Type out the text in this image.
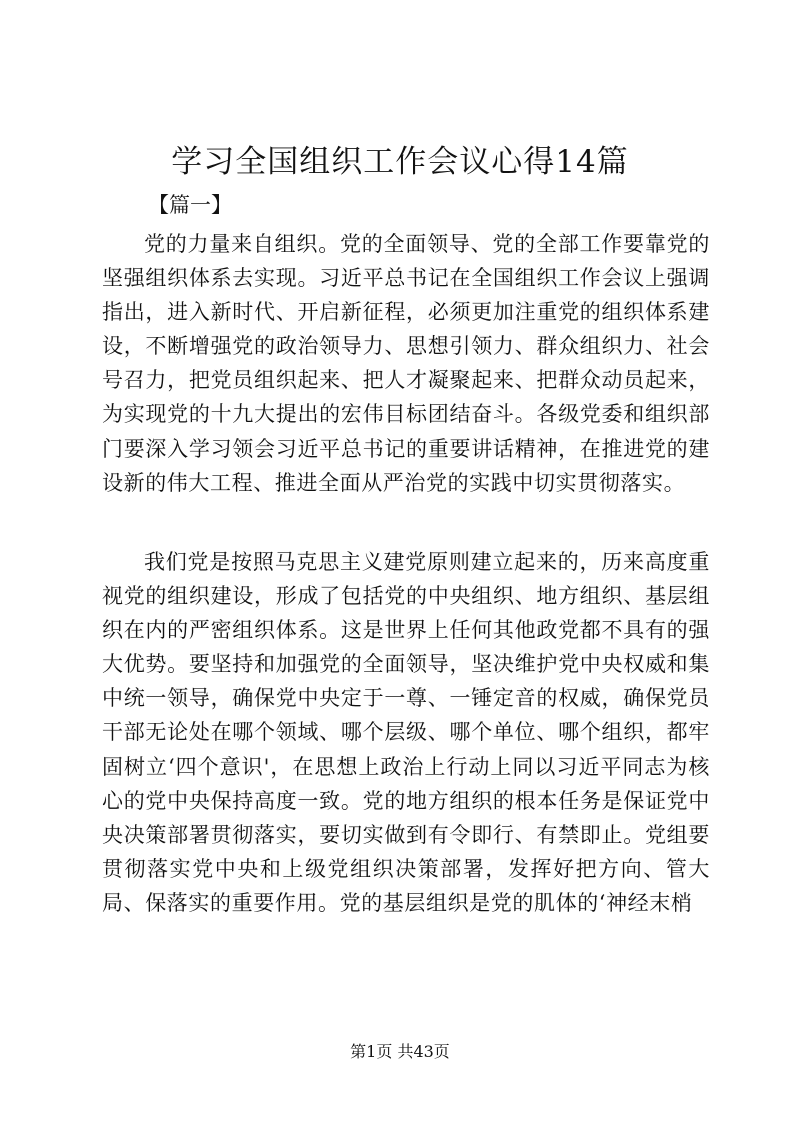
学习全国组织工作会议心得14篇

【篇一】

党的力量来自组织。党的全面领导、党的全部工作要靠党的坚强组织体系去实现。习近平总书记在全国组织工作会议上强调指出，进入新时代、开启新征程，必须更加注重党的组织体系建设，不断增强党的政治领导力、思想引领力、群众组织力、社会号召力，把党员组织起来、把人才凝聚起来、把群众动员起来，为实现党的十九大提出的宏伟目标团结奋斗。各级党委和组织部门要深入学习领会习近平总书记的重要讲话精神，在推进党的建设新的伟大工程、推进全面从严治党的实践中切实贯彻落实。

我们党是按照马克思主义建党原则建立起来的，历来高度重视党的组织建设，形成了包括党的中央组织、地方组织、基层组织在内的严密组织体系。这是世界上任何其他政党都不具有的强大优势。要坚持和加强党的全面领导，坚决维护党中央权威和集中统一领导，确保党中央定于一尊、一锤定音的权威，确保党员干部无论处在哪个领域、哪个层级、哪个单位、哪个组织，都牢固树立‘四个意识'，在思想上政治上行动上同以习近平同志为核心的党中央保持高度一致。党的地方组织的根本任务是保证党中央决策部署贯彻落实，要切实做到有令即行、有禁即止。党组要贯彻落实党中央和上级党组织决策部署，发挥好把方向、管大局、保落实的重要作用。党的基层组织是党的肌体的‘神经末梢

第1页 共43页
